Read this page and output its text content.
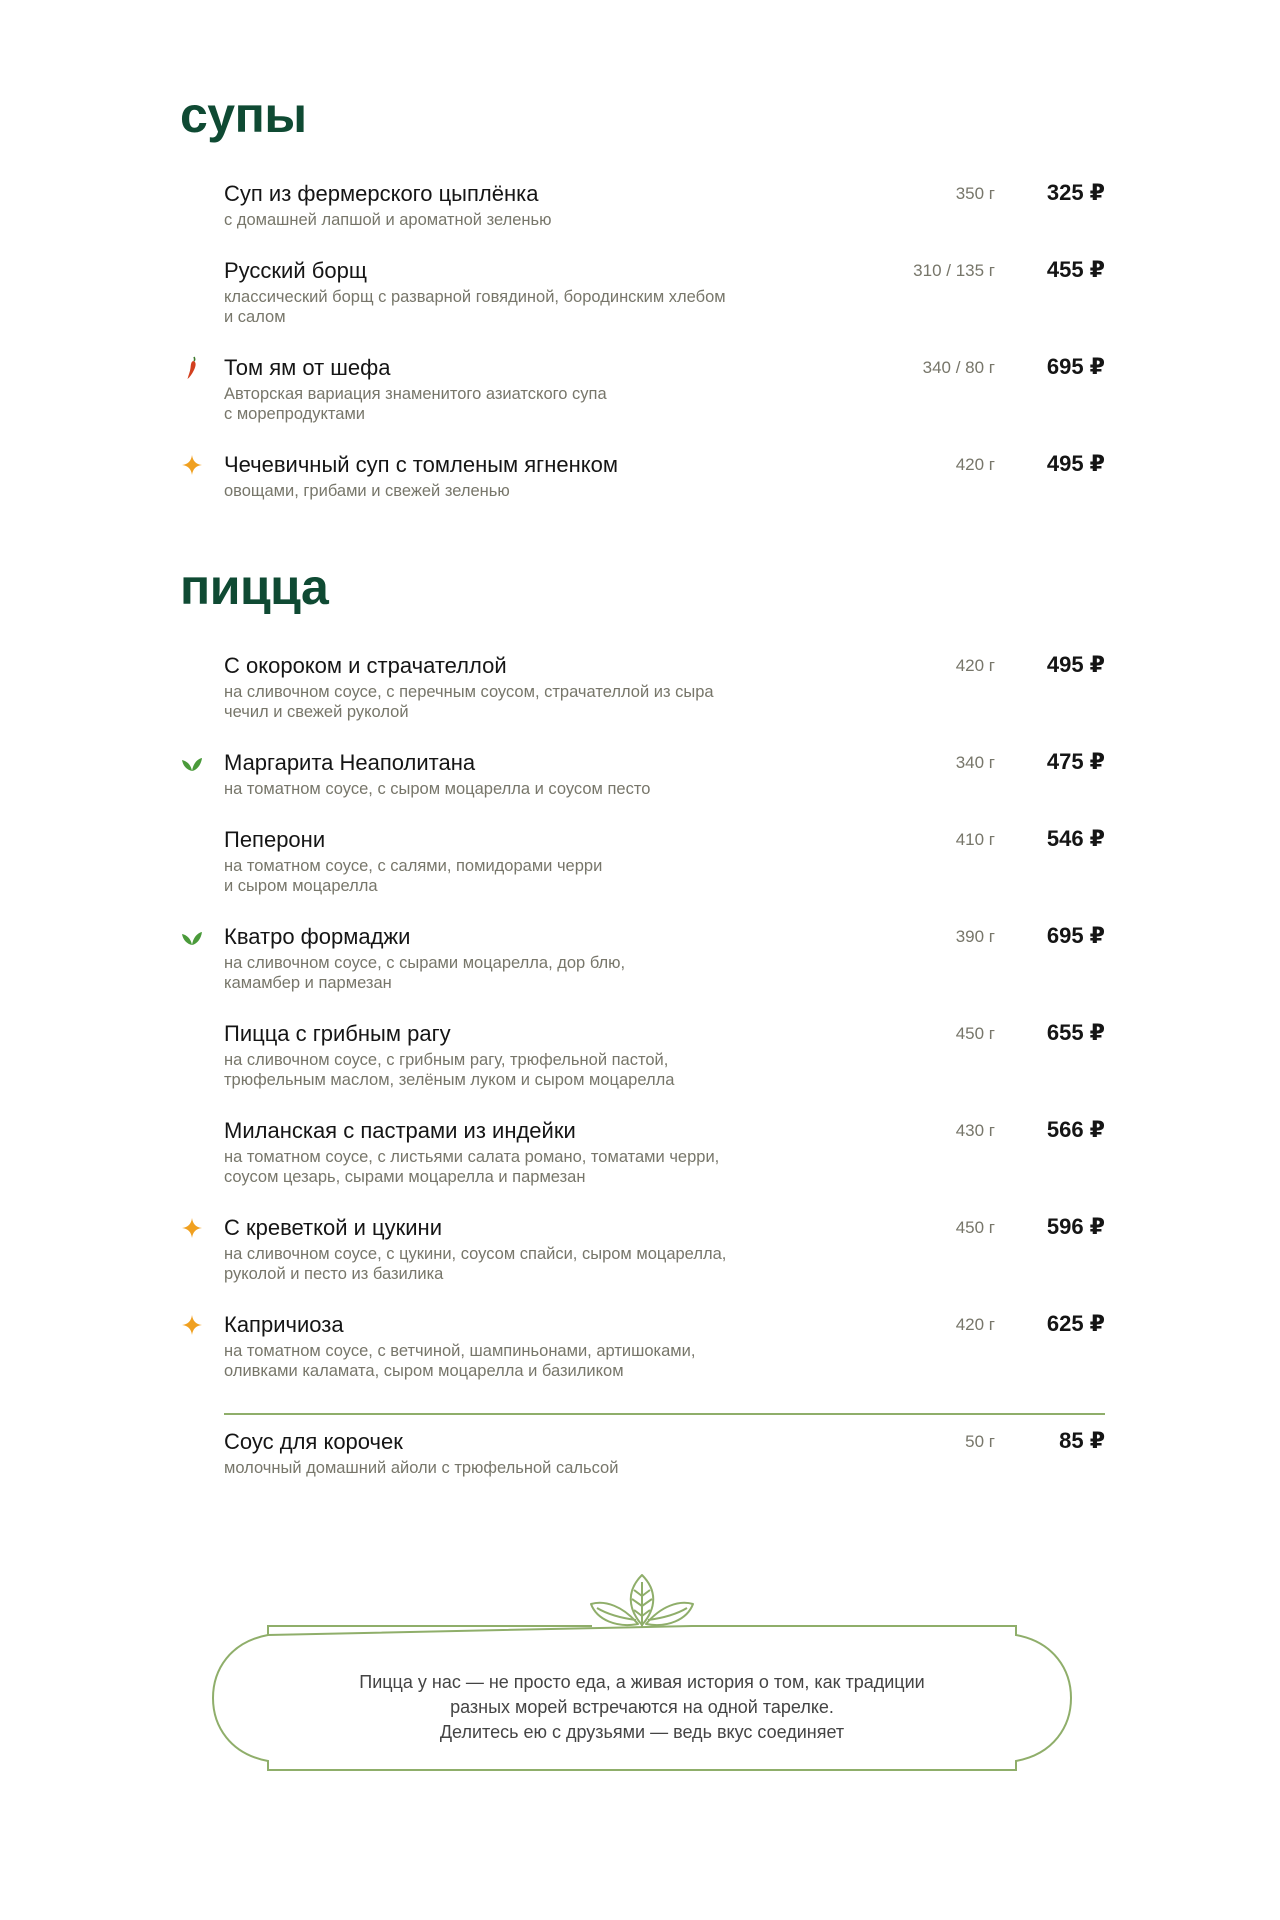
супы
Суп из фермерского цыплёнка
с домашней лапшой и ароматной зеленью
350 г 325 ₽
Русский борщ
классический борщ с разварной говядиной, бородинским хлебом
и салом
310 / 135 г 455 ₽
Том ям от шефа
Авторская вариация знаменитого азиатского супа
с морепродуктами
340 / 80 г 695 ₽
Чечевичный суп с томленым ягненком
овощами, грибами и свежей зеленью
420 г 495 ₽
пицца
С окороком и страчателлой
на сливочном соусе, с перечным соусом, страчателлой из сыра
чечил и свежей руколой
420 г 495 ₽
Маргарита Неаполитана
на томатном соусе, с сыром моцарелла и соусом песто
340 г 475 ₽
Пеперони
на томатном соусе, с салями, помидорами черри
и сыром моцарелла
410 г 546 ₽
Кватро формаджи
на сливочном соусе, с сырами моцарелла, дор блю,
камамбер и пармезан
390 г 695 ₽
Пицца с грибным рагу
на сливочном соусе, с грибным рагу, трюфельной пастой,
трюфельным маслом, зелёным луком и сыром моцарелла
450 г 655 ₽
Миланская с пастрами из индейки
на томатном соусе, с листьями салата романо, томатами черри,
соусом цезарь, сырами моцарелла и пармезан
430 г 566 ₽
С креветкой и цукини
на сливочном соусе, с цукини, соусом спайси, сыром моцарелла,
руколой и песто из базилика
450 г 596 ₽
Капричиоза
на томатном соусе, с ветчиной, шампиньонами, артишоками,
оливками каламата, сыром моцарелла и базиликом
420 г 625 ₽
Соус для корочек
молочный домашний айоли с трюфельной сальсой
50 г	85 ₽

Пицца у нас — не просто еда, а живая история о том, как традиции
разных морей встречаются на одной тарелке.
Делитесь ею с друзьями — ведь вкус соединяет
